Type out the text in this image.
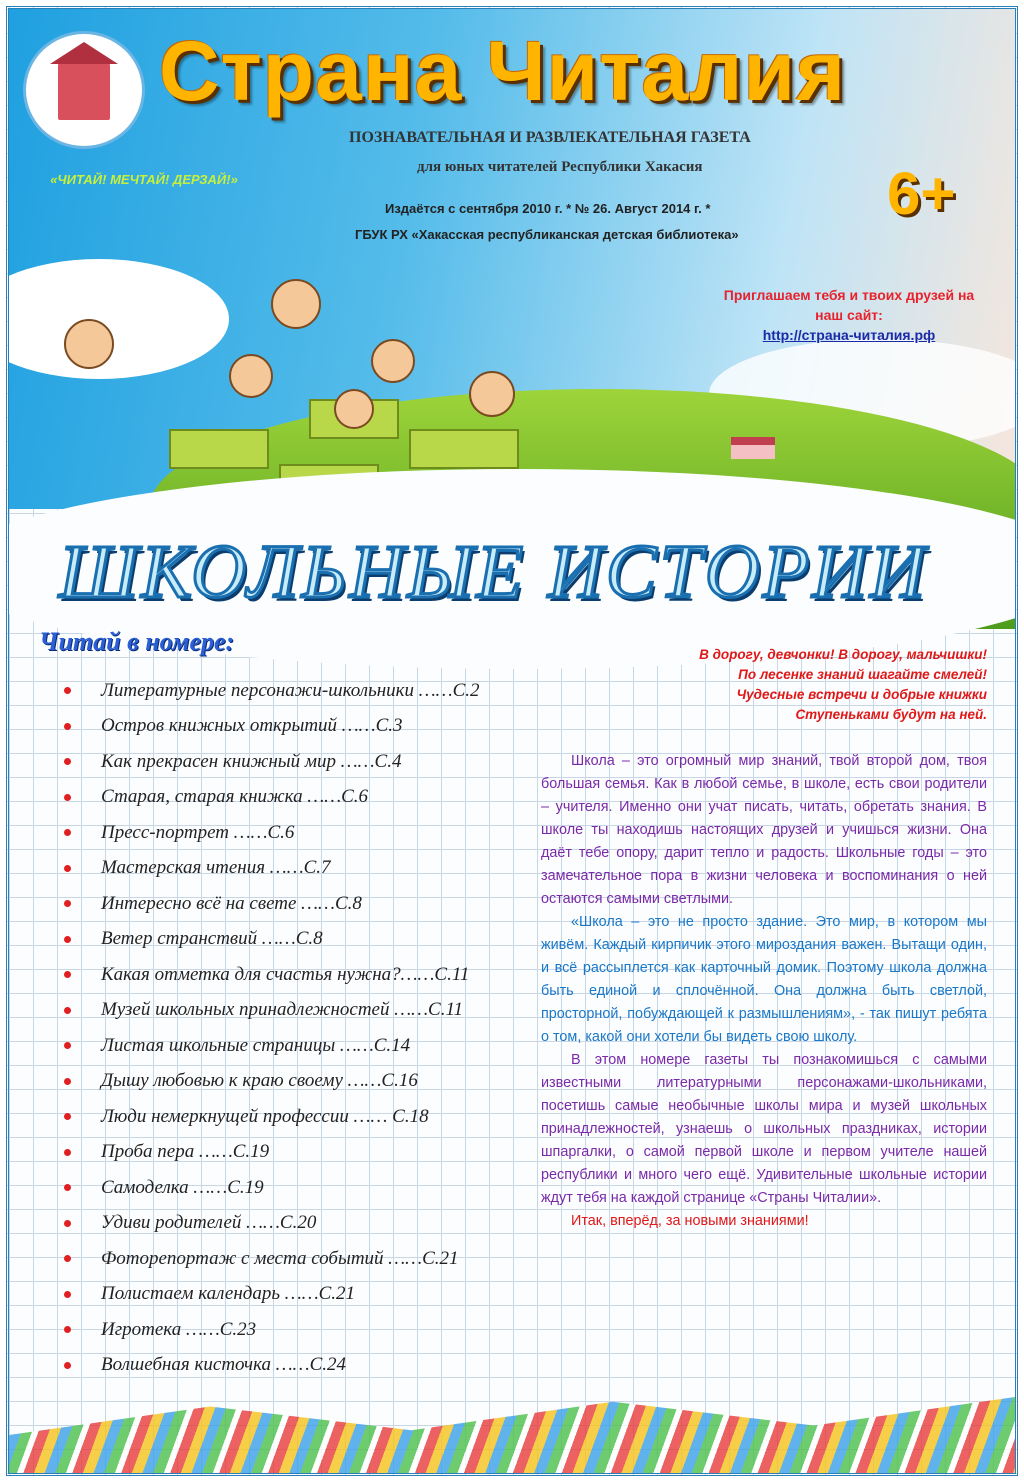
Страна Читалия
«ЧИТАЙ! МЕЧТАЙ! ДЕРЗАЙ!»
ПОЗНАВАТЕЛЬНАЯ И РАЗВЛЕКАТЕЛЬНАЯ ГАЗЕТА
для юных читателей Республики Хакасия
Издаётся с сентября 2010 г. * № 26. Август 2014 г. *
ГБУК РХ «Хакасская республиканская детская библиотека»
6+
Приглашаем тебя и твоих друзей на наш сайт:
http://страна-читалия.рф
ШКОЛЬНЫЕ ИСТОРИИ
Читай в номере:
Литературные персонажи-школьники ……С.2
Остров книжных открытий ……С.3
Как прекрасен книжный мир ……С.4
Старая, старая книжка ……С.6
Пресс-портрет ……С.6
Мастерская чтения ……С.7
Интересно всё на свете ……С.8
Ветер странствий ……С.8
Какая отметка для счастья нужна?……С.11
Музей школьных принадлежностей ……С.11
Листая школьные страницы ……С.14
Дышу любовью к краю своему ……С.16
Люди немеркнущей профессии …… С.18
Проба пера ……С.19
Самоделка ……С.19
Удиви родителей ……С.20
Фоторепортаж с места событий ……С.21
Полистаем календарь ……С.21
Игротека ……С.23
Волшебная кисточка ……С.24
В дорогу, девчонки! В дорогу, мальчишки!
По лесенке знаний шагайте смелей!
Чудесные встречи и добрые книжки
Ступеньками будут на ней.

Школа – это огромный мир знаний, твой второй дом, твоя большая семья. Как в любой семье, в школе, есть свои родители – учителя. Именно они учат писать, читать, обретать знания. В школе ты находишь настоящих друзей и учишься жизни. Она даёт тебе опору, дарит тепло и радость. Школьные годы – это замечательное пора в жизни человека и воспоминания о ней остаются самыми светлыми.

«Школа – это не просто здание. Это мир, в котором мы живём. Каждый кирпичик этого мироздания важен. Вытащи один, и всё рассыплется как карточный домик. Поэтому школа должна быть единой и сплочённой. Она должна быть светлой, просторной, побуждающей к размышлениям», - так пишут ребята о том, какой они хотели бы видеть свою школу.

В этом номере газеты ты познакомишься с самыми известными литературными персонажами-школьниками, посетишь самые необычные школы мира и музей школьных принадлежностей, узнаешь о школьных праздниках, истории шпаргалки, о самой первой школе и первом учителе нашей республики и много чего ещё. Удивительные школьные истории ждут тебя на каждой странице «Страны Читалии».

Итак, вперёд, за новыми знаниями!
